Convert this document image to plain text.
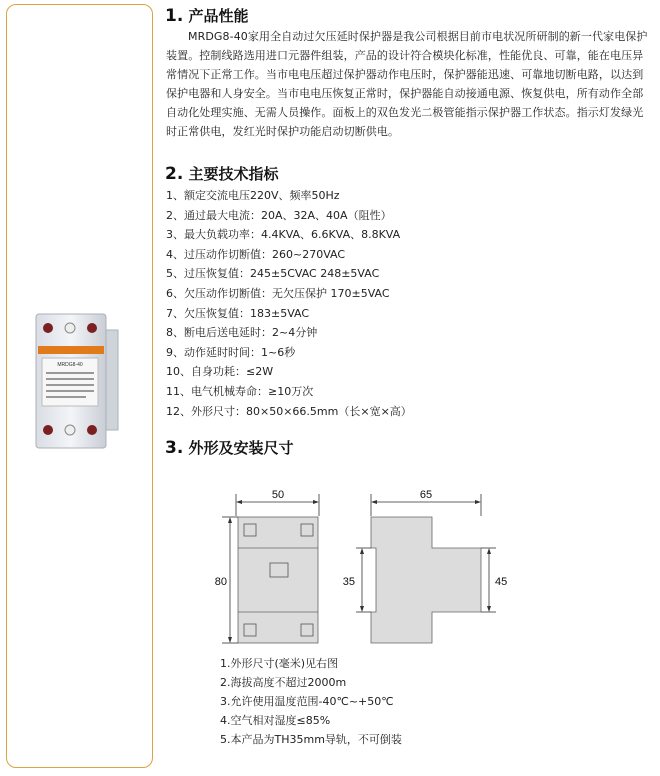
MRDG8-40
1. 产品性能
MRDG8-40家用全自动过欠压延时保护器是我公司根据目前市电状况所研制的新一代家电保护装置。控制线路选用进口元器件组装，产品的设计符合模块化标准，性能优良、可靠，能在电压异常情况下正常工作。当市电电压超过保护器动作电压时，保护器能迅速、可靠地切断电路，以达到保护电器和人身安全。当市电电压恢复正常时，保护器能自动接通电源、恢复供电，所有动作全部自动化处理实施、无需人员操作。面板上的双色发光二极管能指示保护器工作状态。指示灯发绿光时正常供电，发红光时保护功能启动切断供电。
2. 主要技术指标
1、额定交流电压220V、频率50Hz
2、通过最大电流：20A、32A、40A（阻性）
3、最大负载功率：4.4KVA、6.6KVA、8.8KVA
4、过压动作切断值：260~270VAC
5、过压恢复值：245±5CVAC 248±5VAC
6、欠压动作切断值：无欠压保护 170±5VAC
7、欠压恢复值：183±5VAC
8、断电后送电延时：2~4分钟
9、动作延时时间：1~6秒
10、自身功耗：≤2W
11、电气机械寿命：≥10万次
12、外形尺寸：80×50×66.5mm（长×宽×高）
3. 外形及安装尺寸
50
80
65
35	45
1.外形尺寸(毫米)见右图
2.海拔高度不超过2000m
3.允许使用温度范围-40℃~+50℃
4.空气相对湿度≤85%
5.本产品为TH35mm导轨，不可倒装
